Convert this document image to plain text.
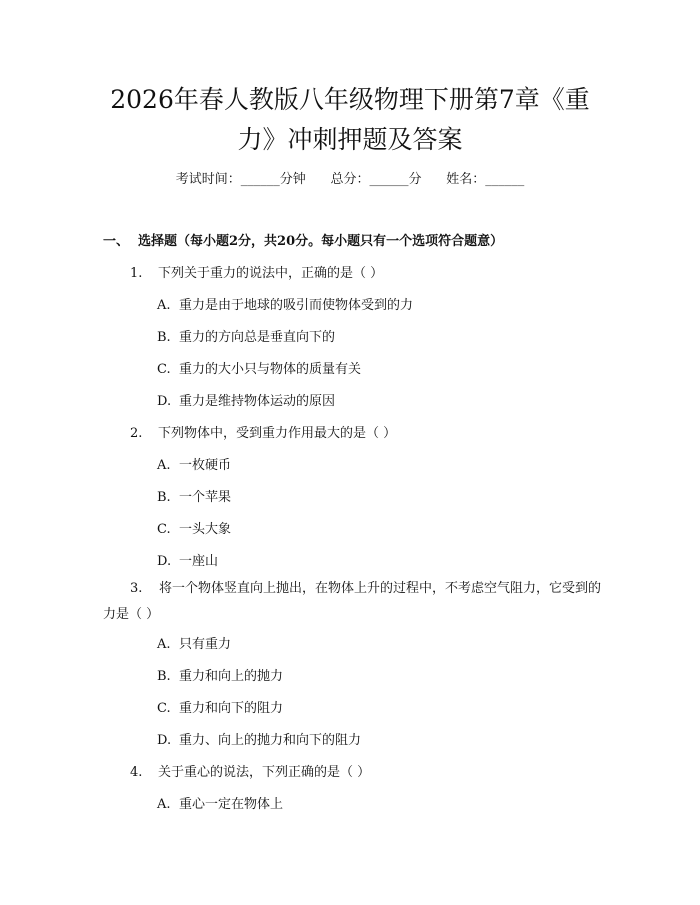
2026年春人教版八年级物理下册第7章《重
力》冲刺押题及答案
考试时间：______分钟      总分：______分      姓名：______
一、 选择题（每小题2分，共20分。每小题只有一个选项符合题意）
1. 下列关于重力的说法中，正确的是（ ）
A. 重力是由于地球的吸引而使物体受到的力
B. 重力的方向总是垂直向下的
C. 重力的大小只与物体的质量有关
D. 重力是维持物体运动的原因
2. 下列物体中，受到重力作用最大的是（ ）
A. 一枚硬币
B. 一个苹果
C. 一头大象
D. 一座山
3. 将一个物体竖直向上抛出，在物体上升的过程中，不考虑空气阻力，它受到的力是（ ）
A. 只有重力
B. 重力和向上的抛力
C. 重力和向下的阻力
D. 重力、向上的抛力和向下的阻力
4. 关于重心的说法，下列正确的是（ ）
A. 重心一定在物体上
